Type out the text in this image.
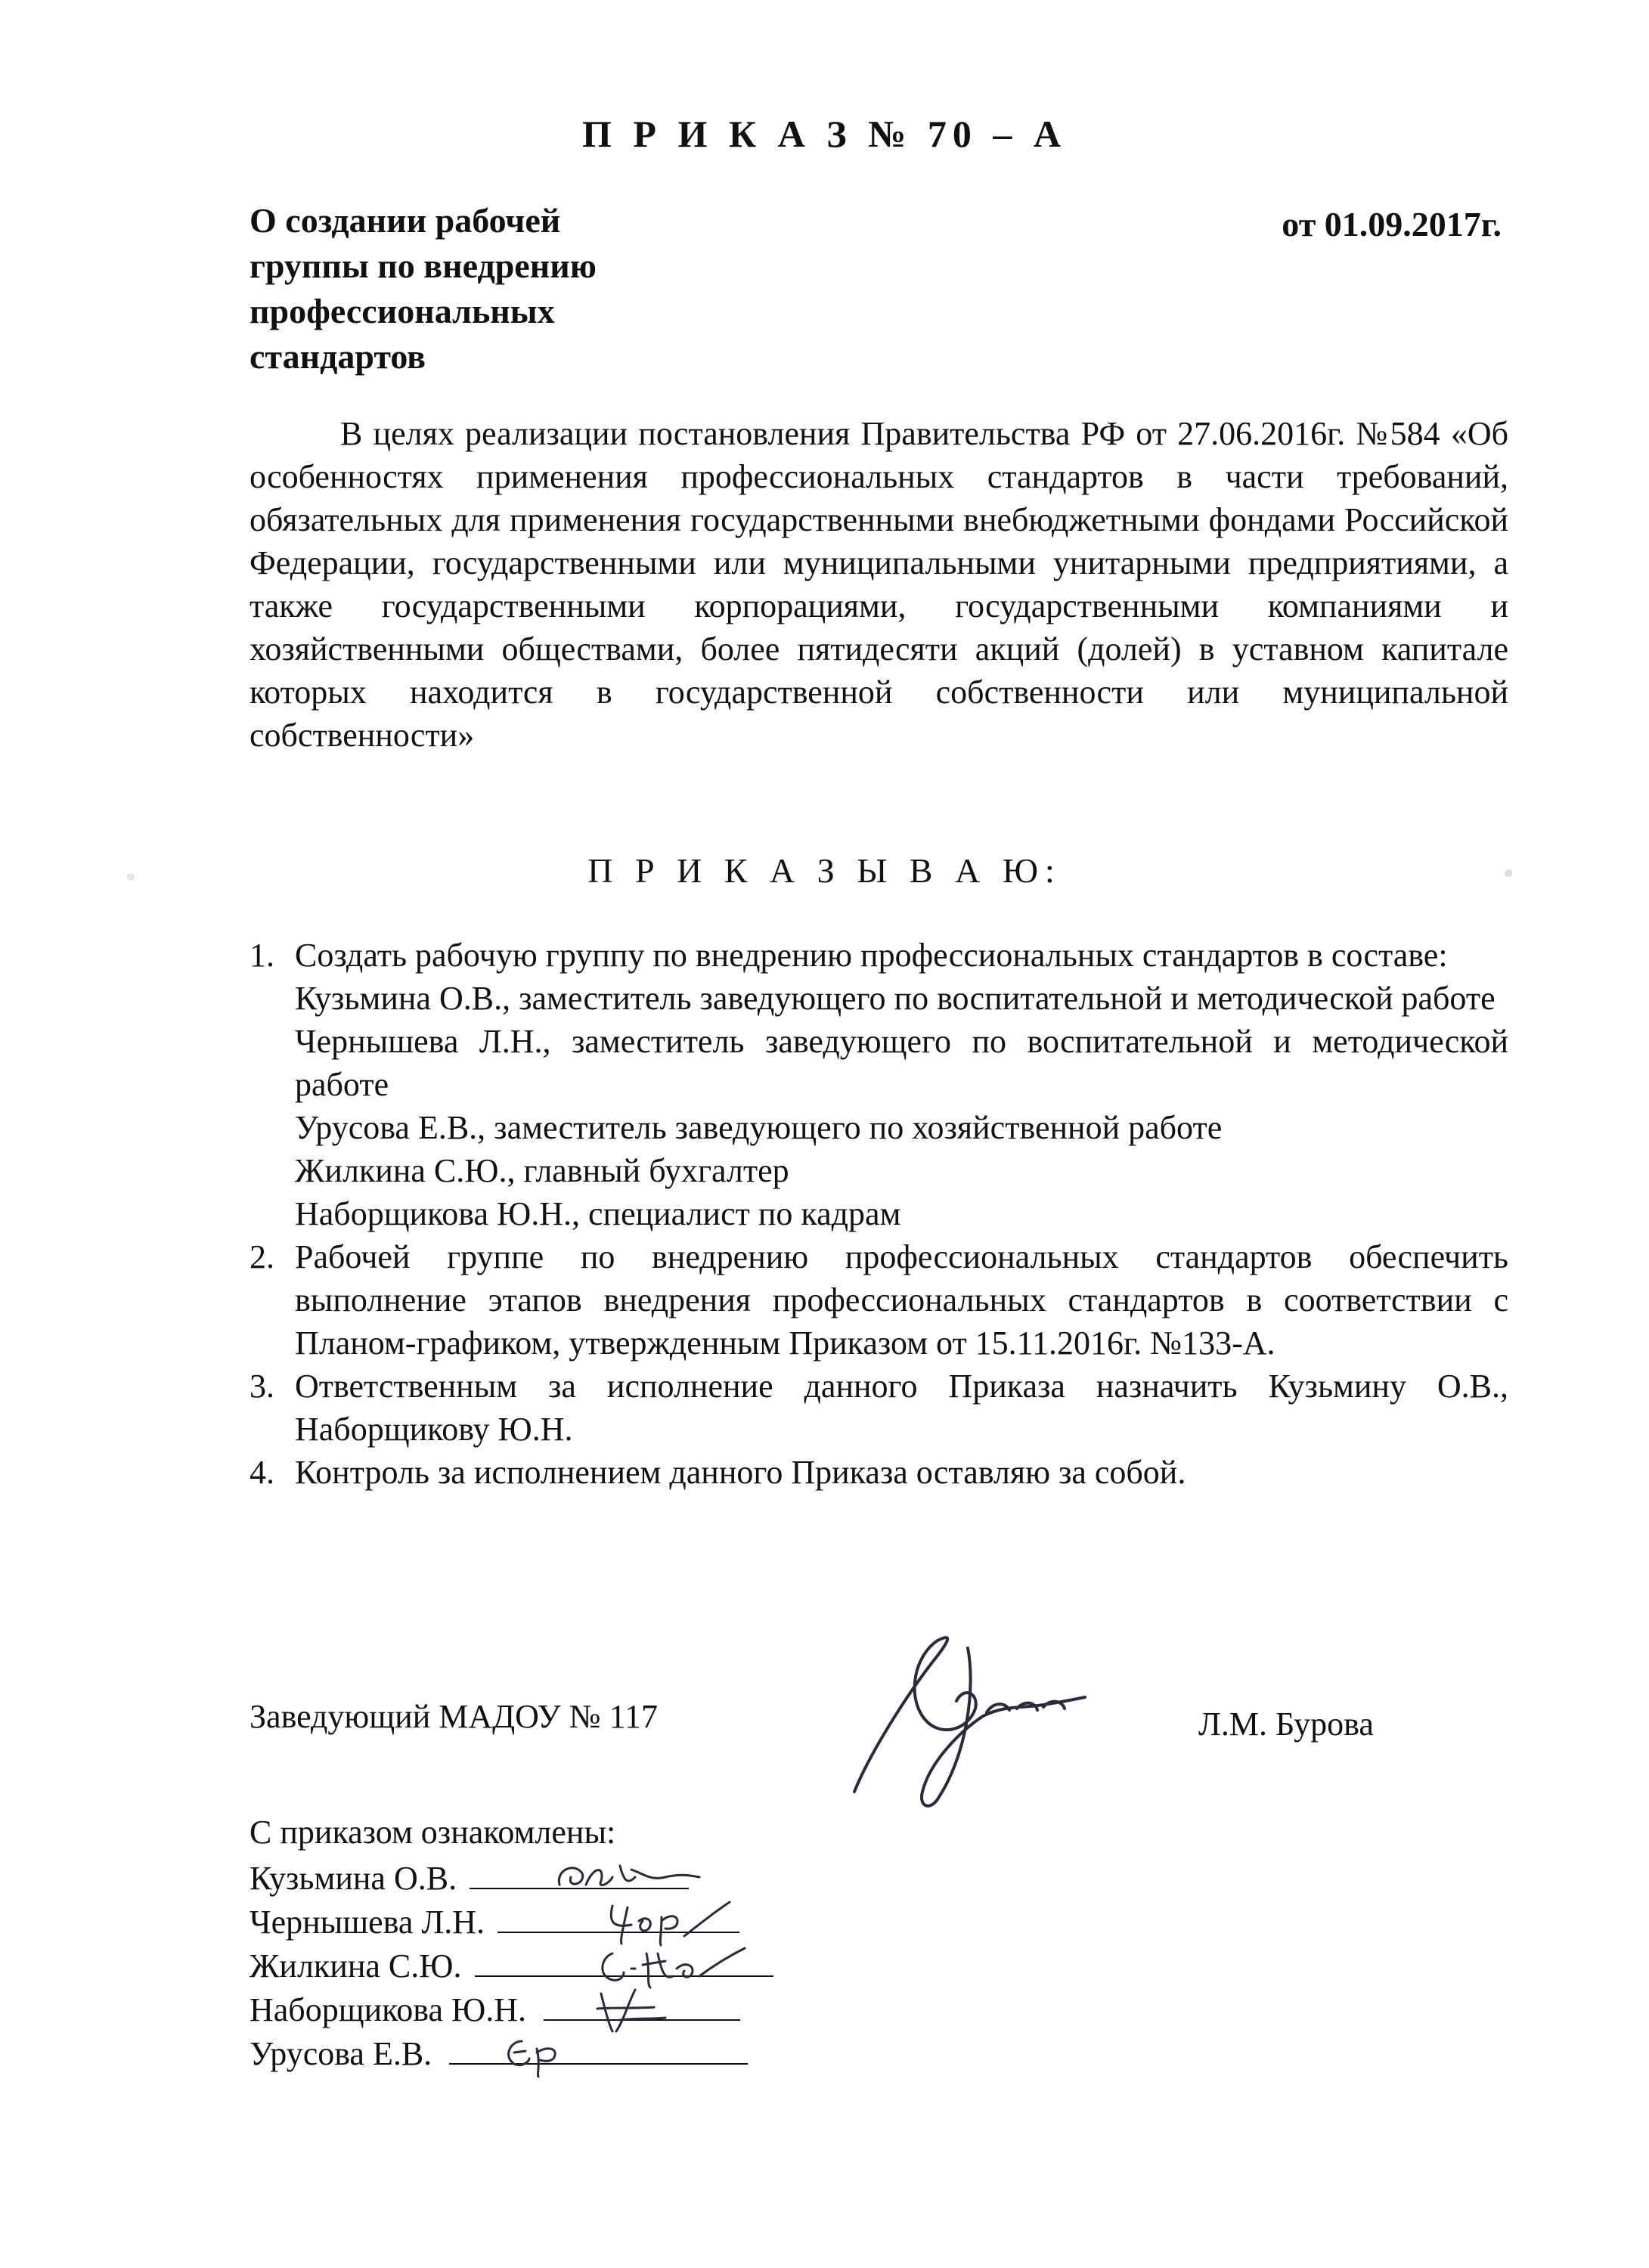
П Р И К А З № 70 – А
О создании рабочей
группы по внедрению
профессиональных
стандартов
от 01.09.2017г.
В целях реализации постановления Правительства РФ от 27.06.2016г. №584 «Об особенностях применения профессиональных стандартов в части требований, обязательных для применения государственными внебюджетными фондами Российской Федерации, государственными или муниципальными унитарными предприятиями, а также государственными корпорациями, государственными компаниями и хозяйственными обществами, более пятидесяти акций (долей) в уставном капитале которых находится в государственной собственности или муниципальной собственности»
П Р И К А З Ы В А Ю:
1. Создать рабочую группу по внедрению профессиональных стандартов в составе:
Кузьмина О.В., заместитель заведующего по воспитательной и методической работе
Чернышева Л.Н., заместитель заведующего по воспитательной и методической работе
Урусова Е.В., заместитель заведующего по хозяйственной работе
Жилкина С.Ю., главный бухгалтер
Наборщикова Ю.Н., специалист по кадрам
2. Рабочей группе по внедрению профессиональных стандартов обеспечить выполнение этапов внедрения профессиональных стандартов в соответствии с Планом-графиком, утвержденным Приказом от 15.11.2016г. №133-А.
3. Ответственным за исполнение данного Приказа назначить Кузьмину О.В., Наборщикову Ю.Н.
4. Контроль за исполнением данного Приказа оставляю за собой.
Заведующий МАДОУ № 117	Л.М. Бурова
С приказом ознакомлены:
Кузьмина О.В.
Чернышева Л.Н.
Жилкина С.Ю.
Наборщикова Ю.Н.
Урусова Е.В.
